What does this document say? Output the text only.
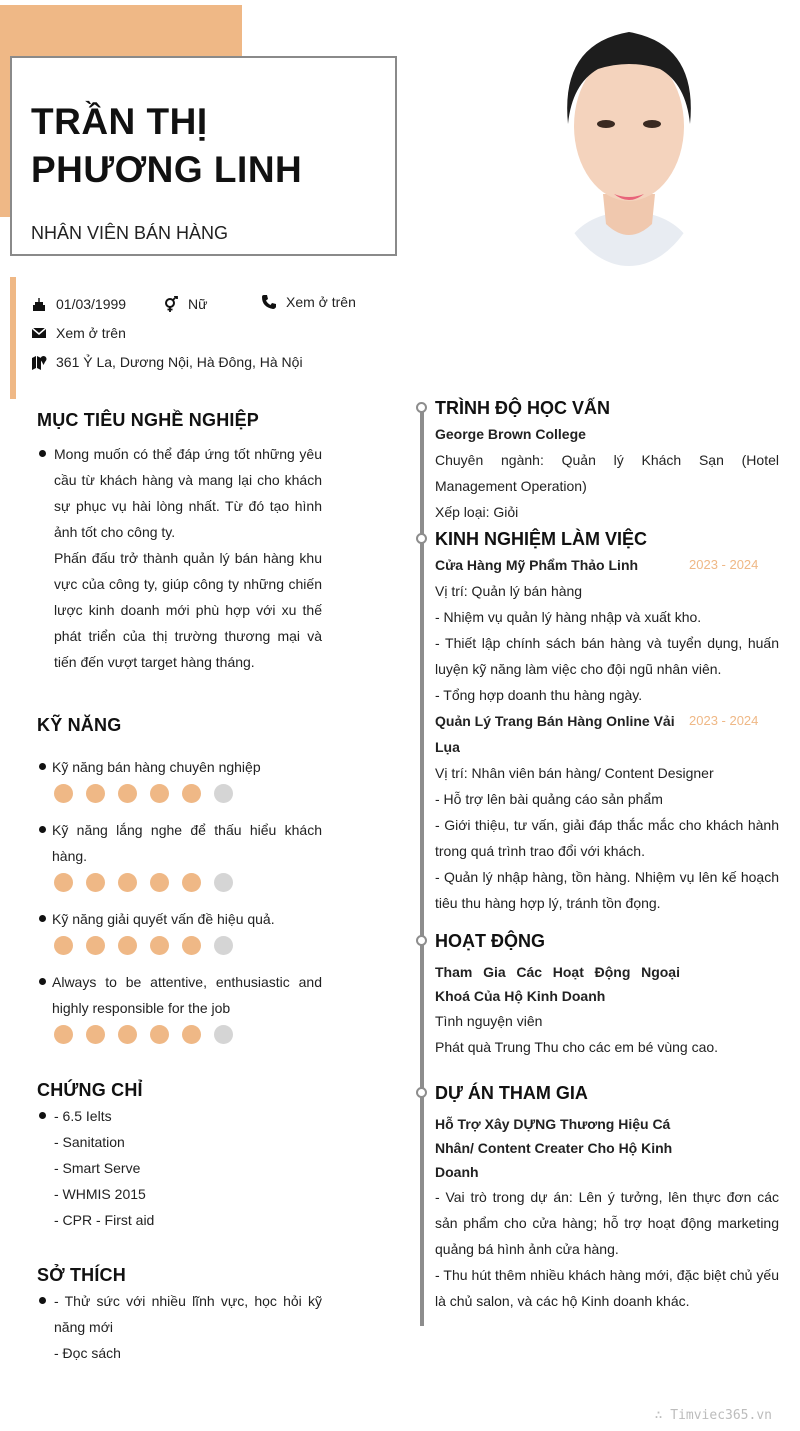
TRẦN THỊ PHƯƠNG LINH
NHÂN VIÊN BÁN HÀNG
01/03/1999	Nữ	Xem ở trên
Xem ở trên
361 Ỷ La, Dương Nội, Hà Đông, Hà Nội
MỤC TIÊU NGHỀ NGHIỆP
Mong muốn có thể đáp ứng tốt những yêu cầu từ khách hàng và mang lại cho khách sự phục vụ hài lòng nhất. Từ đó tạo hình ảnh tốt cho công ty.
Phấn đấu trở thành quản lý bán hàng khu vực của công ty, giúp công ty những chiến lược kinh doanh mới phù hợp với xu thế phát triển của thị trường thương mại và tiến đến vượt target hàng tháng.
KỸ NĂNG
Kỹ năng bán hàng chuyên nghiệp
Kỹ năng lắng nghe để thấu hiểu khách hàng.
Kỹ năng giải quyết vấn đề hiệu quả.
Always to be attentive, enthusiastic and highly responsible for the job
CHỨNG CHỈ
- 6.5 Ielts
- Sanitation
- Smart Serve
- WHMIS 2015
- CPR - First aid
SỞ THÍCH
- Thử sức với nhiều lĩnh vực, học hỏi kỹ năng mới
- Đọc sách
TRÌNH ĐỘ HỌC VẤN
George Brown College
Chuyên ngành: Quản lý Khách Sạn (Hotel Management Operation)
Xếp loại: Giỏi
KINH NGHIỆM LÀM VIỆC
Cửa Hàng Mỹ Phẩm Thảo Linh	2023 - 2024
Vị trí: Quản lý bán hàng
- Nhiệm vụ quản lý hàng nhập và xuất kho.
- Thiết lập chính sách bán hàng và tuyển dụng, huấn luyện kỹ năng làm việc cho đội ngũ nhân viên.
- Tổng hợp doanh thu hàng ngày.
Quản Lý Trang Bán Hàng Online Vải Lụa
2023 - 2024
Vị trí: Nhân viên bán hàng/ Content Designer
- Hỗ trợ lên bài quảng cáo sản phẩm
- Giới thiệu, tư vấn, giải đáp thắc mắc cho khách hành trong quá trình trao đổi với khách.
- Quản lý nhập hàng, tồn hàng. Nhiệm vụ lên kế hoạch tiêu thu hàng hợp lý, tránh tồn đọng.
HOẠT ĐỘNG
Tham Gia Các Hoạt Động Ngoại Khoá Của Hộ Kinh Doanh
Tình nguyện viên
Phát quà Trung Thu cho các em bé vùng cao.
DỰ ÁN THAM GIA
Hỗ Trợ Xây DỰNG Thương Hiệu Cá Nhân/ Content Creater Cho Hộ Kinh Doanh
- Vai trò trong dự án: Lên ý tưởng, lên thực đơn các sản phẩm cho cửa hàng; hỗ trợ hoạt động marketing quảng bá hình ảnh cửa hàng.
- Thu hút thêm nhiều khách hàng mới, đặc biệt chủ yếu là chủ salon, và các hộ Kinh doanh khác.
∴ Timviec365.vn
